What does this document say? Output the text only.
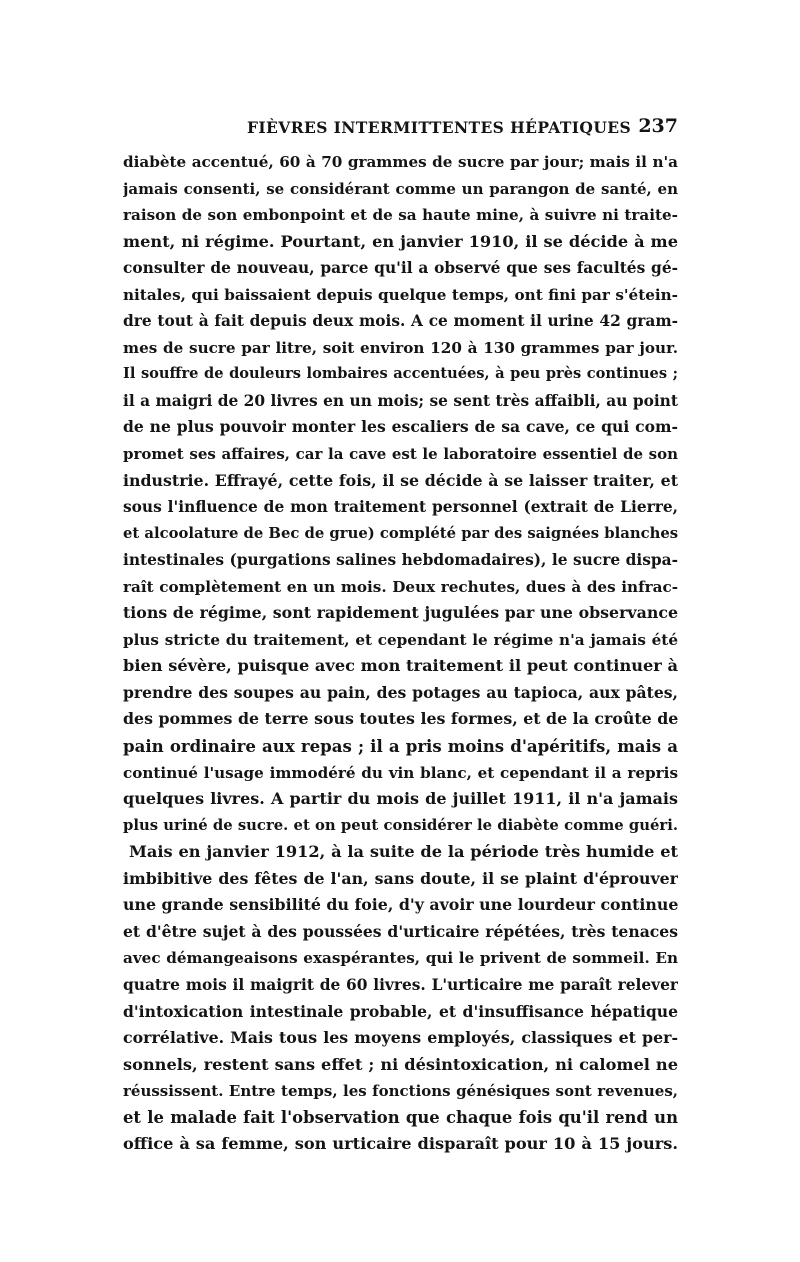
FIÈVRES INTERMITTENTES HÉPATIQUES 237
diabète accentué, 60 à 70 grammes de sucre par jour; mais il n'a
jamais consenti, se considérant comme un parangon de santé, en
raison de son embonpoint et de sa haute mine, à suivre ni traite-
ment, ni régime. Pourtant, en janvier 1910, il se décide à me
consulter de nouveau, parce qu'il a observé que ses facultés gé-
nitales, qui baissaient depuis quelque temps, ont fini par s'étein-
dre tout à fait depuis deux mois. A ce moment il urine 42 gram-
mes de sucre par litre, soit environ 120 à 130 grammes par jour.
Il souffre de douleurs lombaires accentuées, à peu près continues ;
il a maigri de 20 livres en un mois; se sent très affaibli, au point
de ne plus pouvoir monter les escaliers de sa cave, ce qui com-
promet ses affaires, car la cave est le laboratoire essentiel de son
industrie. Effrayé, cette fois, il se décide à se laisser traiter, et
sous l'influence de mon traitement personnel (extrait de Lierre,
et alcoolature de Bec de grue) complété par des saignées blanches
intestinales (purgations salines hebdomadaires), le sucre dispa-
raît complètement en un mois. Deux rechutes, dues à des infrac-
tions de régime, sont rapidement jugulées par une observance
plus stricte du traitement, et cependant le régime n'a jamais été
bien sévère, puisque avec mon traitement il peut continuer à
prendre des soupes au pain, des potages au tapioca, aux pâtes,
des pommes de terre sous toutes les formes, et de la croûte de
pain ordinaire aux repas ; il a pris moins d'apéritifs, mais a
continué l'usage immodéré du vin blanc, et cependant il a repris
quelques livres. A partir du mois de juillet 1911, il n'a jamais
plus uriné de sucre. et on peut considérer le diabète comme guéri.
Mais en janvier 1912, à la suite de la période très humide et
imbibitive des fêtes de l'an, sans doute, il se plaint d'éprouver
une grande sensibilité du foie, d'y avoir une lourdeur continue
et d'être sujet à des poussées d'urticaire répétées, très tenaces
avec démangeaisons exaspérantes, qui le privent de sommeil. En
quatre mois il maigrit de 60 livres. L'urticaire me paraît relever
d'intoxication intestinale probable, et d'insuffisance hépatique
corrélative. Mais tous les moyens employés, classiques et per-
sonnels, restent sans effet ; ni désintoxication, ni calomel ne
réussissent. Entre temps, les fonctions génésiques sont revenues,
et le malade fait l'observation que chaque fois qu'il rend un
office à sa femme, son urticaire disparaît pour 10 à 15 jours.
